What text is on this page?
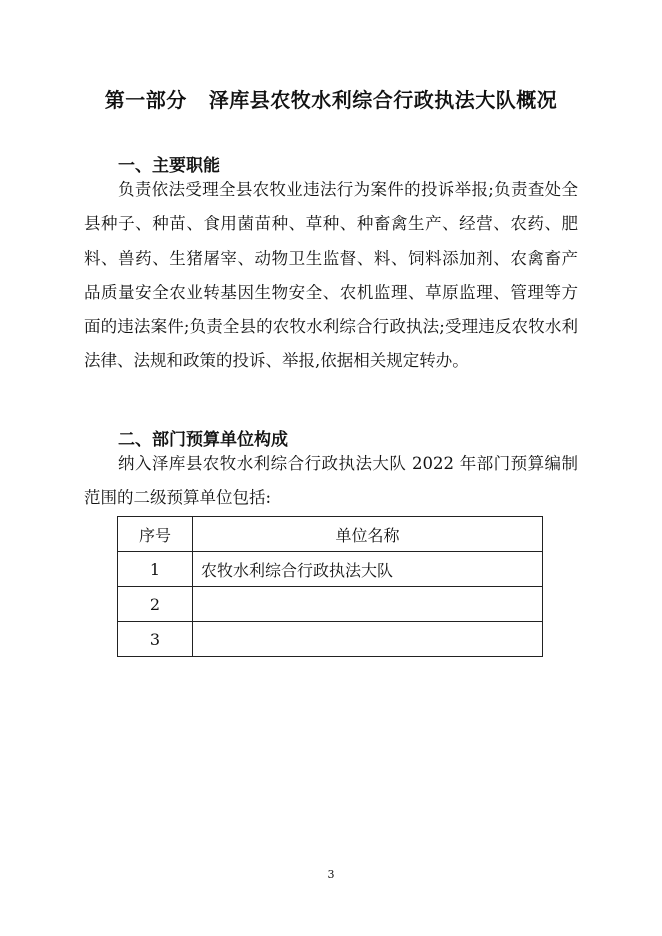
第一部分 泽库县农牧水利综合行政执法大队概况
一、主要职能

负责依法受理全县农牧业违法行为案件的投诉举报;负责查处全县种子、种苗、食用菌苗种、草种、种畜禽生产、经营、农药、肥料、兽药、生猪屠宰、动物卫生监督、料、饲料添加剂、农禽畜产品质量安全农业转基因生物安全、农机监理、草原监理、管理等方面的违法案件;负责全县的农牧水利综合行政执法;受理违反农牧水利法律、法规和政策的投诉、举报,依据相关规定转办。

二、部门预算单位构成

纳入泽库县农牧水利综合行政执法大队 2022 年部门预算编制范围的二级预算单位包括:

序号	单位名称
1	农牧水利综合行政执法大队
2	
3	
3
